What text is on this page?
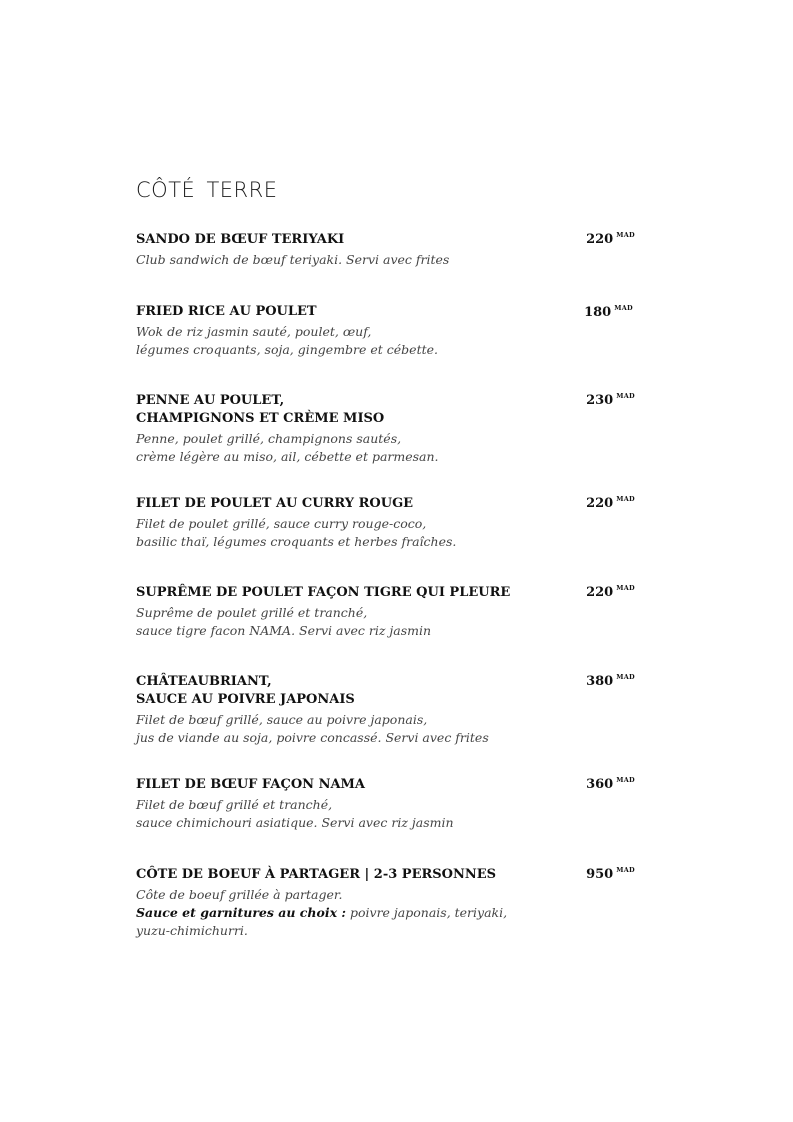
CÔTÉ TERRE
SANDO DE BŒUF TERIYAKI
Club sandwich de bœuf teriyaki. Servi avec frites
220 $^{MAD}$
FRIED RICE AU POULET
Wok de riz jasmin sauté, poulet, œuf,
légumes croquants, soja, gingembre et cébette.
180 $^{MAD}$
PENNE AU POULET,
CHAMPIGNONS ET CRÈME MISO
Penne, poulet grillé, champignons sautés,
crème légère au miso, ail, cébette et parmesan.
230 $^{MAD}$
FILET DE POULET AU CURRY ROUGE
Filet de poulet grillé, sauce curry rouge-coco,
basilic thaï, légumes croquants et herbes fraîches.
220 $^{MAD}$
SUPRÊME DE POULET FAÇON TIGRE QUI PLEURE
Suprême de poulet grillé et tranché,
sauce tigre facon NAMA. Servi avec riz jasmin
220 $^{MAD}$
CHÂTEAUBRIANT,
SAUCE AU POIVRE JAPONAIS
Filet de bœuf grillé, sauce au poivre japonais,
jus de viande au soja, poivre concassé. Servi avec frites
380 $^{MAD}$
FILET DE BŒUF FAÇON NAMA
Filet de bœuf grillé et tranché,
sauce chimichouri asiatique. Servi avec riz jasmin
360 $^{MAD}$
CÔTE DE BOEUF À PARTAGER | 2-3 PERSONNES
Côte de boeuf grillée à partager.
Sauce et garnitures au choix : poivre japonais, teriyaki,
yuzu-chimichurri.
950 $^{MAD}$
